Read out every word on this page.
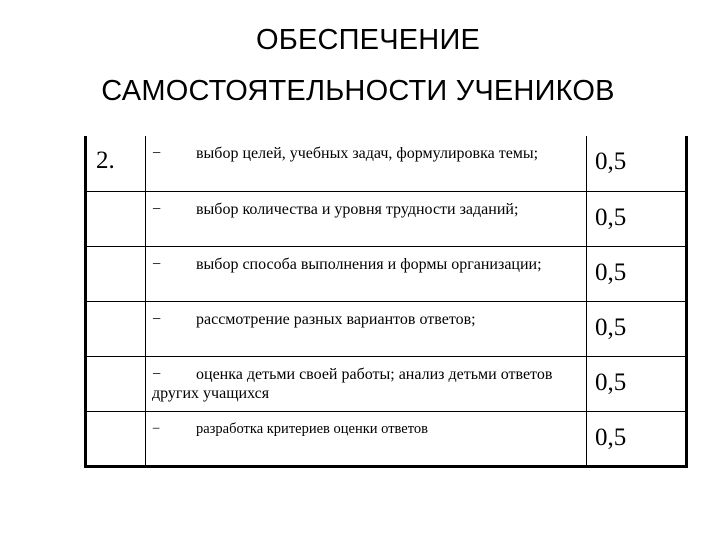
ОБЕСПЕЧЕНИЕ
САМОСТОЯТЕЛЬНОСТИ УЧЕНИКОВ
2.	− выбор целей, учебных задач, формулировка темы;	0,5

	− выбор количества и уровня трудности заданий;	0,5

	− выбор способа выполнения и формы организации;	0,5

	− рассмотрение разных вариантов ответов;	0,5

	− оценка детьми своей работы; анализ детьми ответов других учащихся	0,5

	− разработка критериев оценки ответов	0,5
